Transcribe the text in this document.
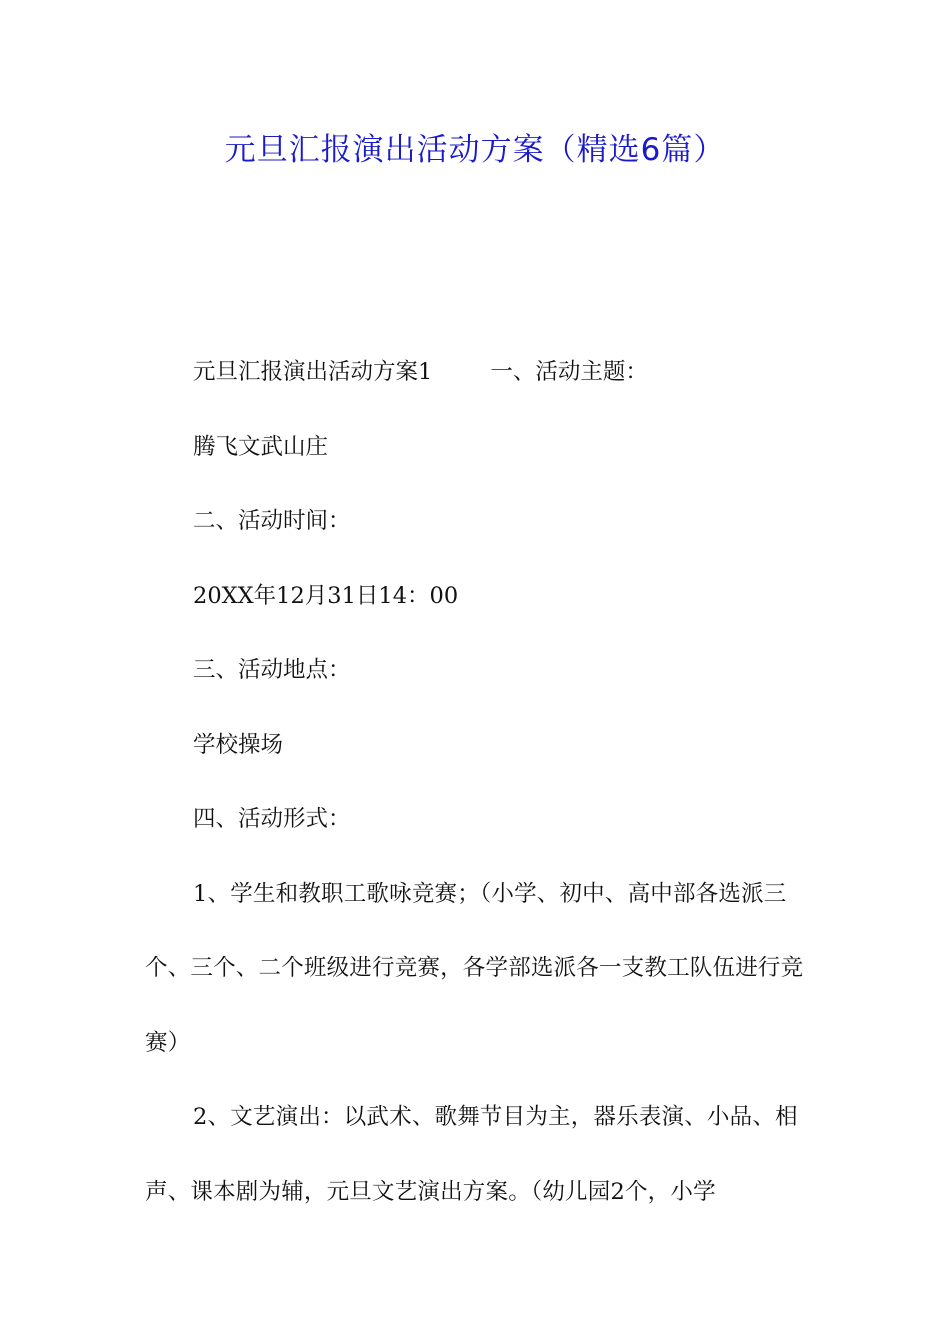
元旦汇报演出活动方案（精选6篇）

元旦汇报演出活动方案1	一、活动主题：

腾飞文武山庄

二、活动时间：

20XX年12月31日14：00

三、活动地点：

学校操场

四、活动形式：

1、学生和教职工歌咏竞赛；（小学、初中、高中部各选派三个、三个、二个班级进行竞赛，各学部选派各一支教工队伍进行竞赛）

2、文艺演出：以武术、歌舞节目为主，器乐表演、小品、相声、课本剧为辅，元旦文艺演出方案。（幼儿园2个，小学
